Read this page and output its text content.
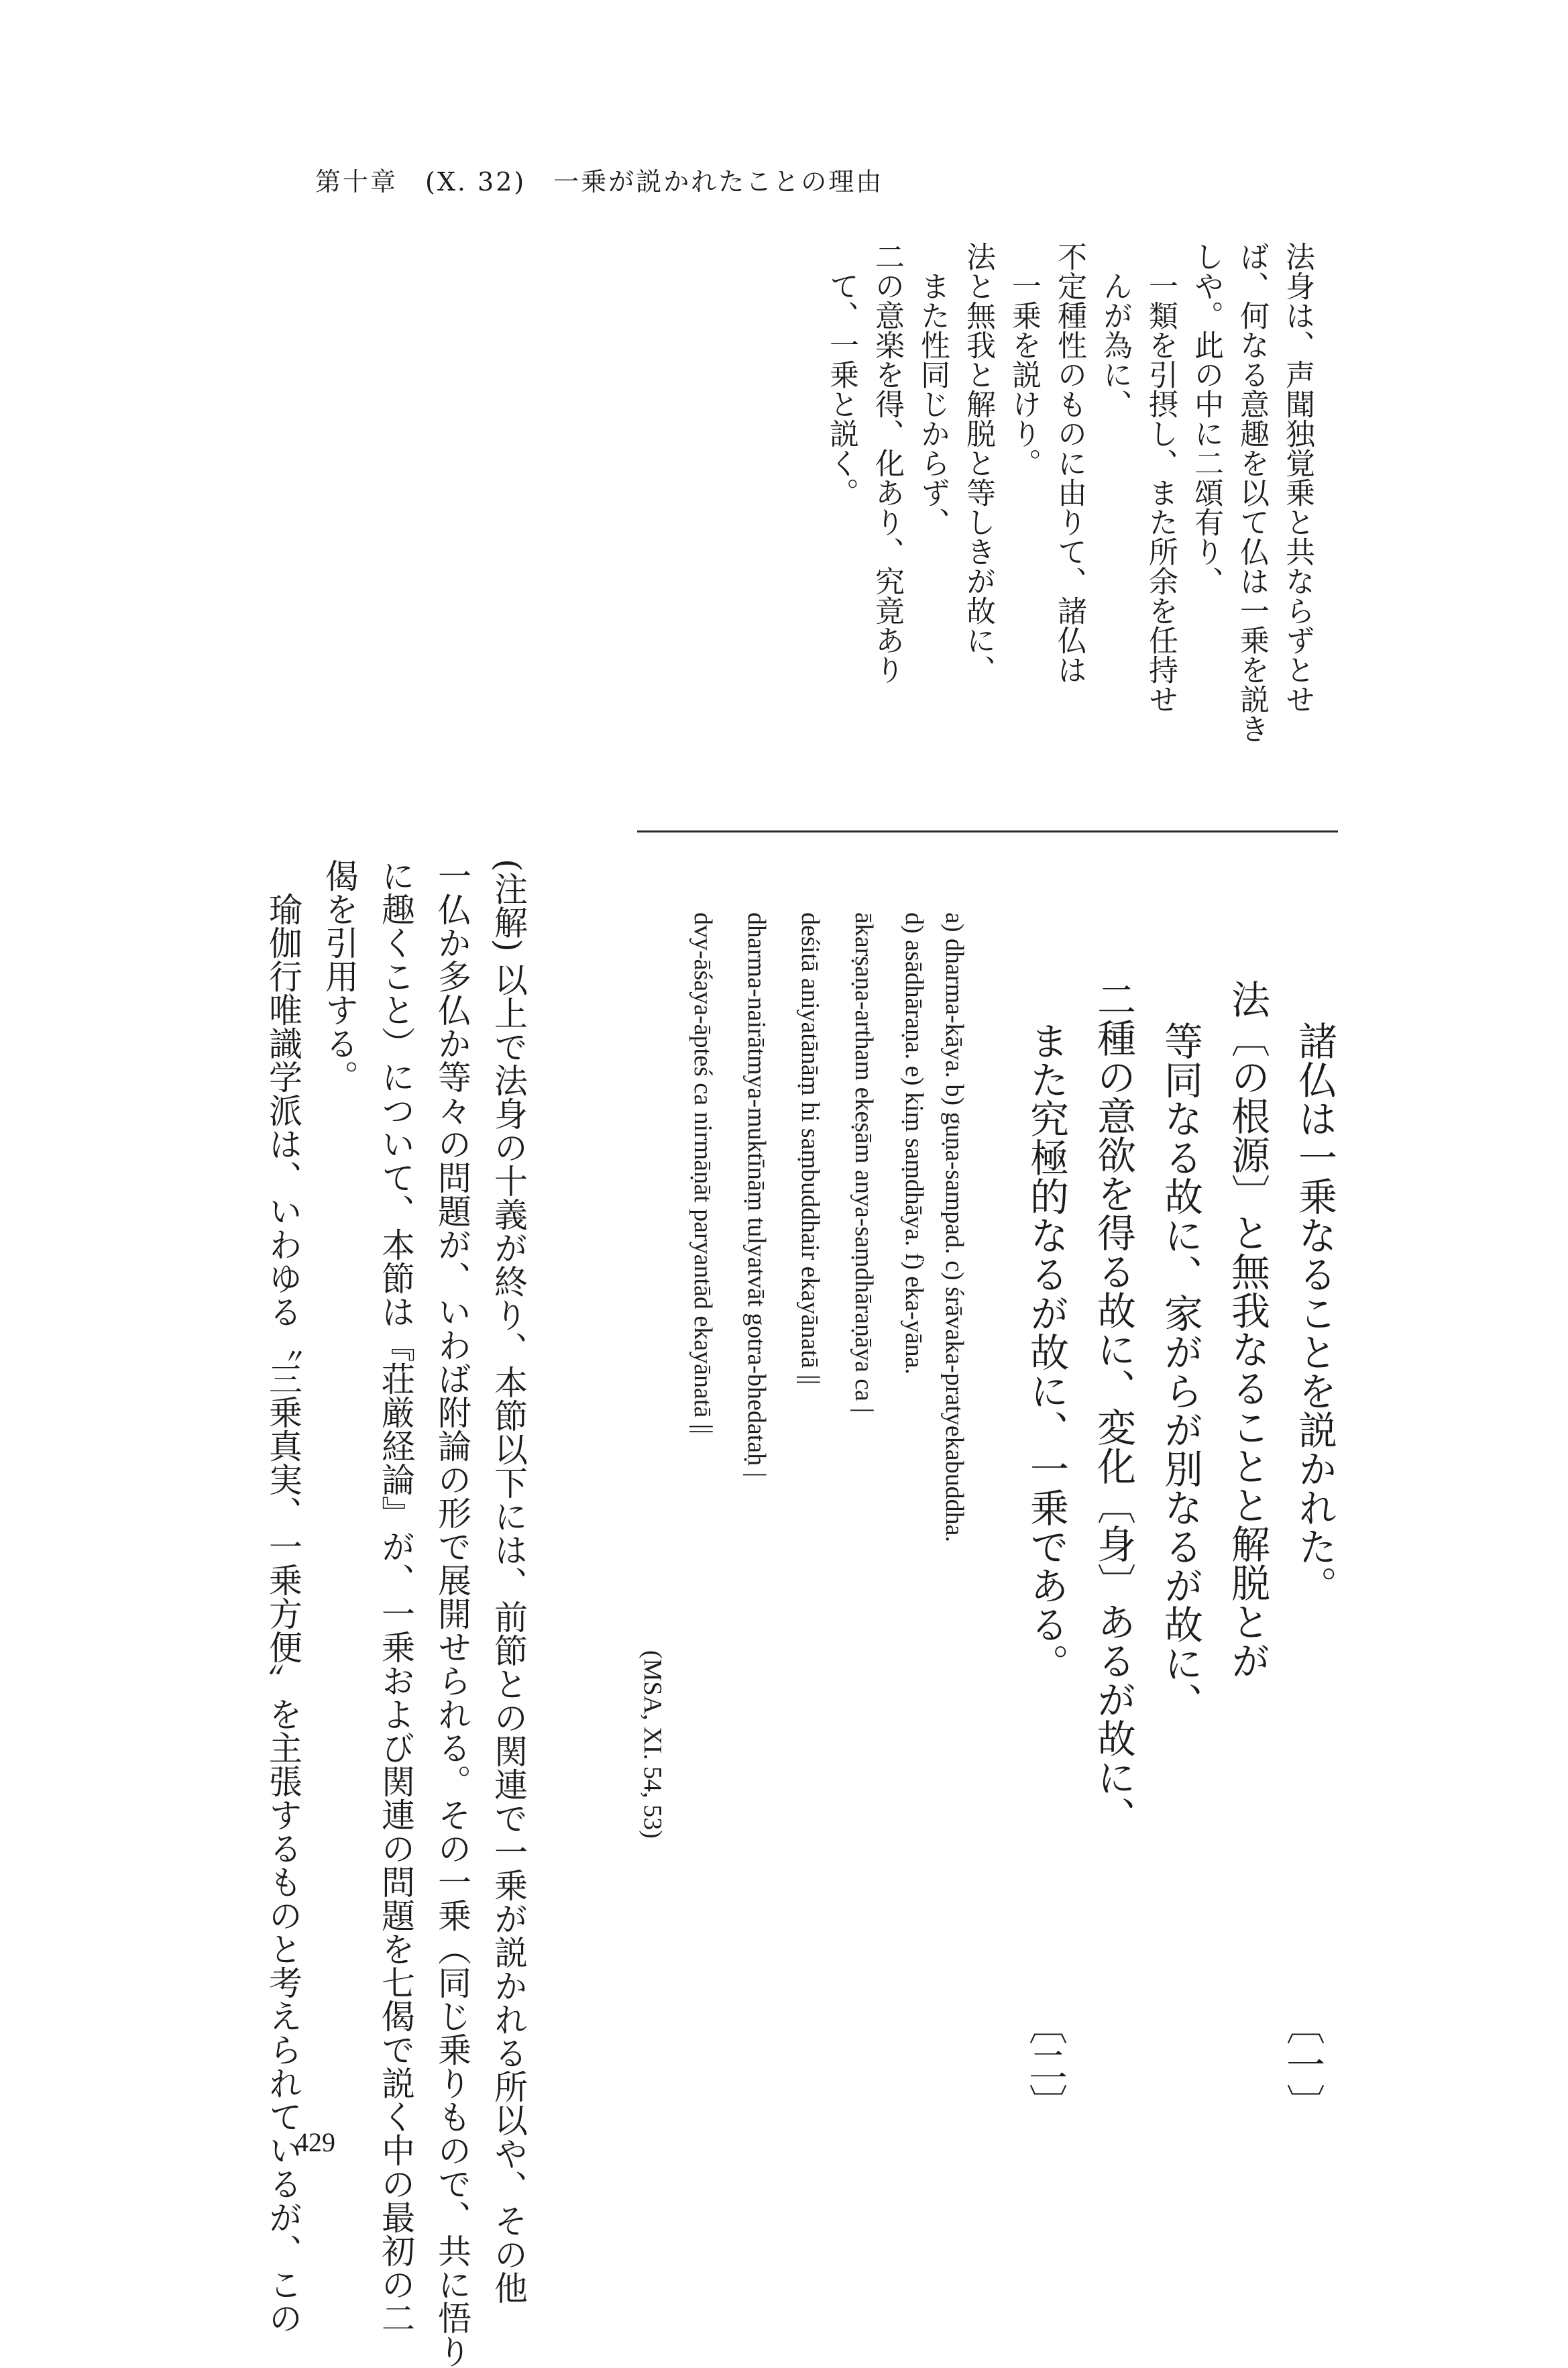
第十章　(X. 32)　一乗が説かれたことの理由
法身は、声聞独覚乗と共ならずとせ
ば、何なる意趣を以て仏は一乗を説き
しや。此の中に二頌有り、
一類を引摂し、また所余を任持せ
んが為に、
不定種性のものに由りて、諸仏は
一乗を説けり。
法と無我と解脱と等しきが故に、
また性同じからず、
二の意楽を得、化あり、究竟あり
て、一乗と説く。
諸仏は一乗なることを説かれた。
法〔の根源〕と無我なることと解脱とが
等同なる故に、家がらが別なるが故に、
二種の意欲を得る故に、変化〔身〕あるが故に、
また究極的なるが故に、一乗である。
〔一〕
〔二〕
a) dharma-kāya. b) guṇa-sampad. c) śrāvaka-pratyekabuddha.
d) asādhāraṇa. e) kiṃ saṃdhāya. f) eka-yāna.
ākarṣaṇa-artham ekeṣām anya-saṃdhāraṇāya ca |
deśitā aniyatānāṃ hi saṃbuddhair ekayānatā ||
dharma-nairātmya-muktīnāṃ tulyatvāt gotra-bhedataḥ |
dvy-āśaya-āpteś ca nirmāṇāt paryantād ekayānatā ||
(MSA, XI. 54, 53)
(注解) 以上で法身の十義が終り、本節以下には、前節との関連で一乗が説かれる所以や、その他
一仏か多仏か等々の問題が、いわば附論の形で展開せられる。その一乗（同じ乗りもので、共に悟り
に趣くこと）について、本節は『荘厳経論』が、一乗および関連の問題を七偈で説く中の最初の二
偈を引用する。
瑜伽行唯識学派は、いわゆる〝三乗真実、一乗方便〟を主張するものと考えられているが、この
429
